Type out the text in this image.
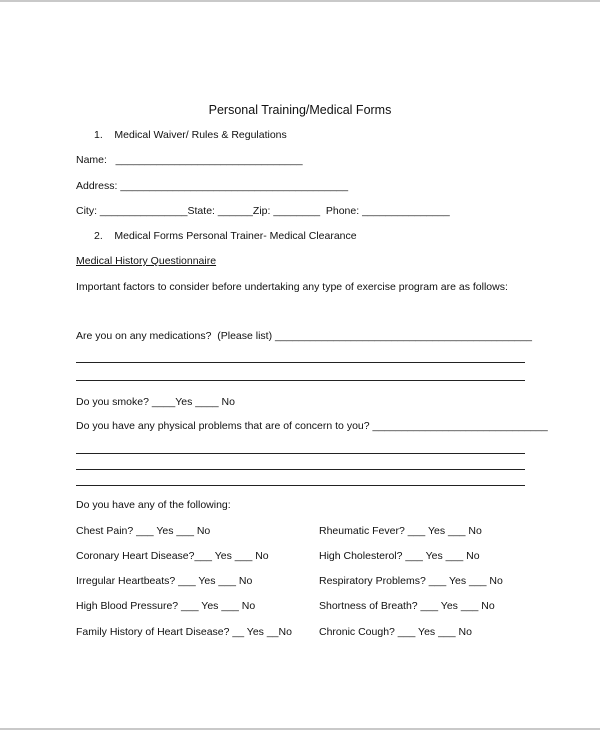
Personal Training/Medical Forms
1.    Medical Waiver/ Rules & Regulations
Name:   ________________________________
Address: _______________________________________
City: _______________State: ______Zip: ________  Phone: _______________
2.    Medical Forms Personal Trainer- Medical Clearance
Medical History Questionnaire
Important factors to consider before undertaking any type of exercise program are as follows:
Are you on any medications?  (Please list) ____________________________________________
Do you smoke? ____Yes ____ No
Do you have any physical problems that are of concern to you? ______________________________
Do you have any of the following:
Chest Pain? ___ Yes ___ No
Coronary Heart Disease?___ Yes ___ No
Irregular Heartbeats? ___ Yes ___ No
High Blood Pressure? ___ Yes ___ No
Family History of Heart Disease? __ Yes __No
Rheumatic Fever? ___ Yes ___ No
High Cholesterol? ___ Yes ___ No
Respiratory Problems? ___ Yes ___ No
Shortness of Breath? ___ Yes ___ No
Chronic Cough? ___ Yes ___ No
